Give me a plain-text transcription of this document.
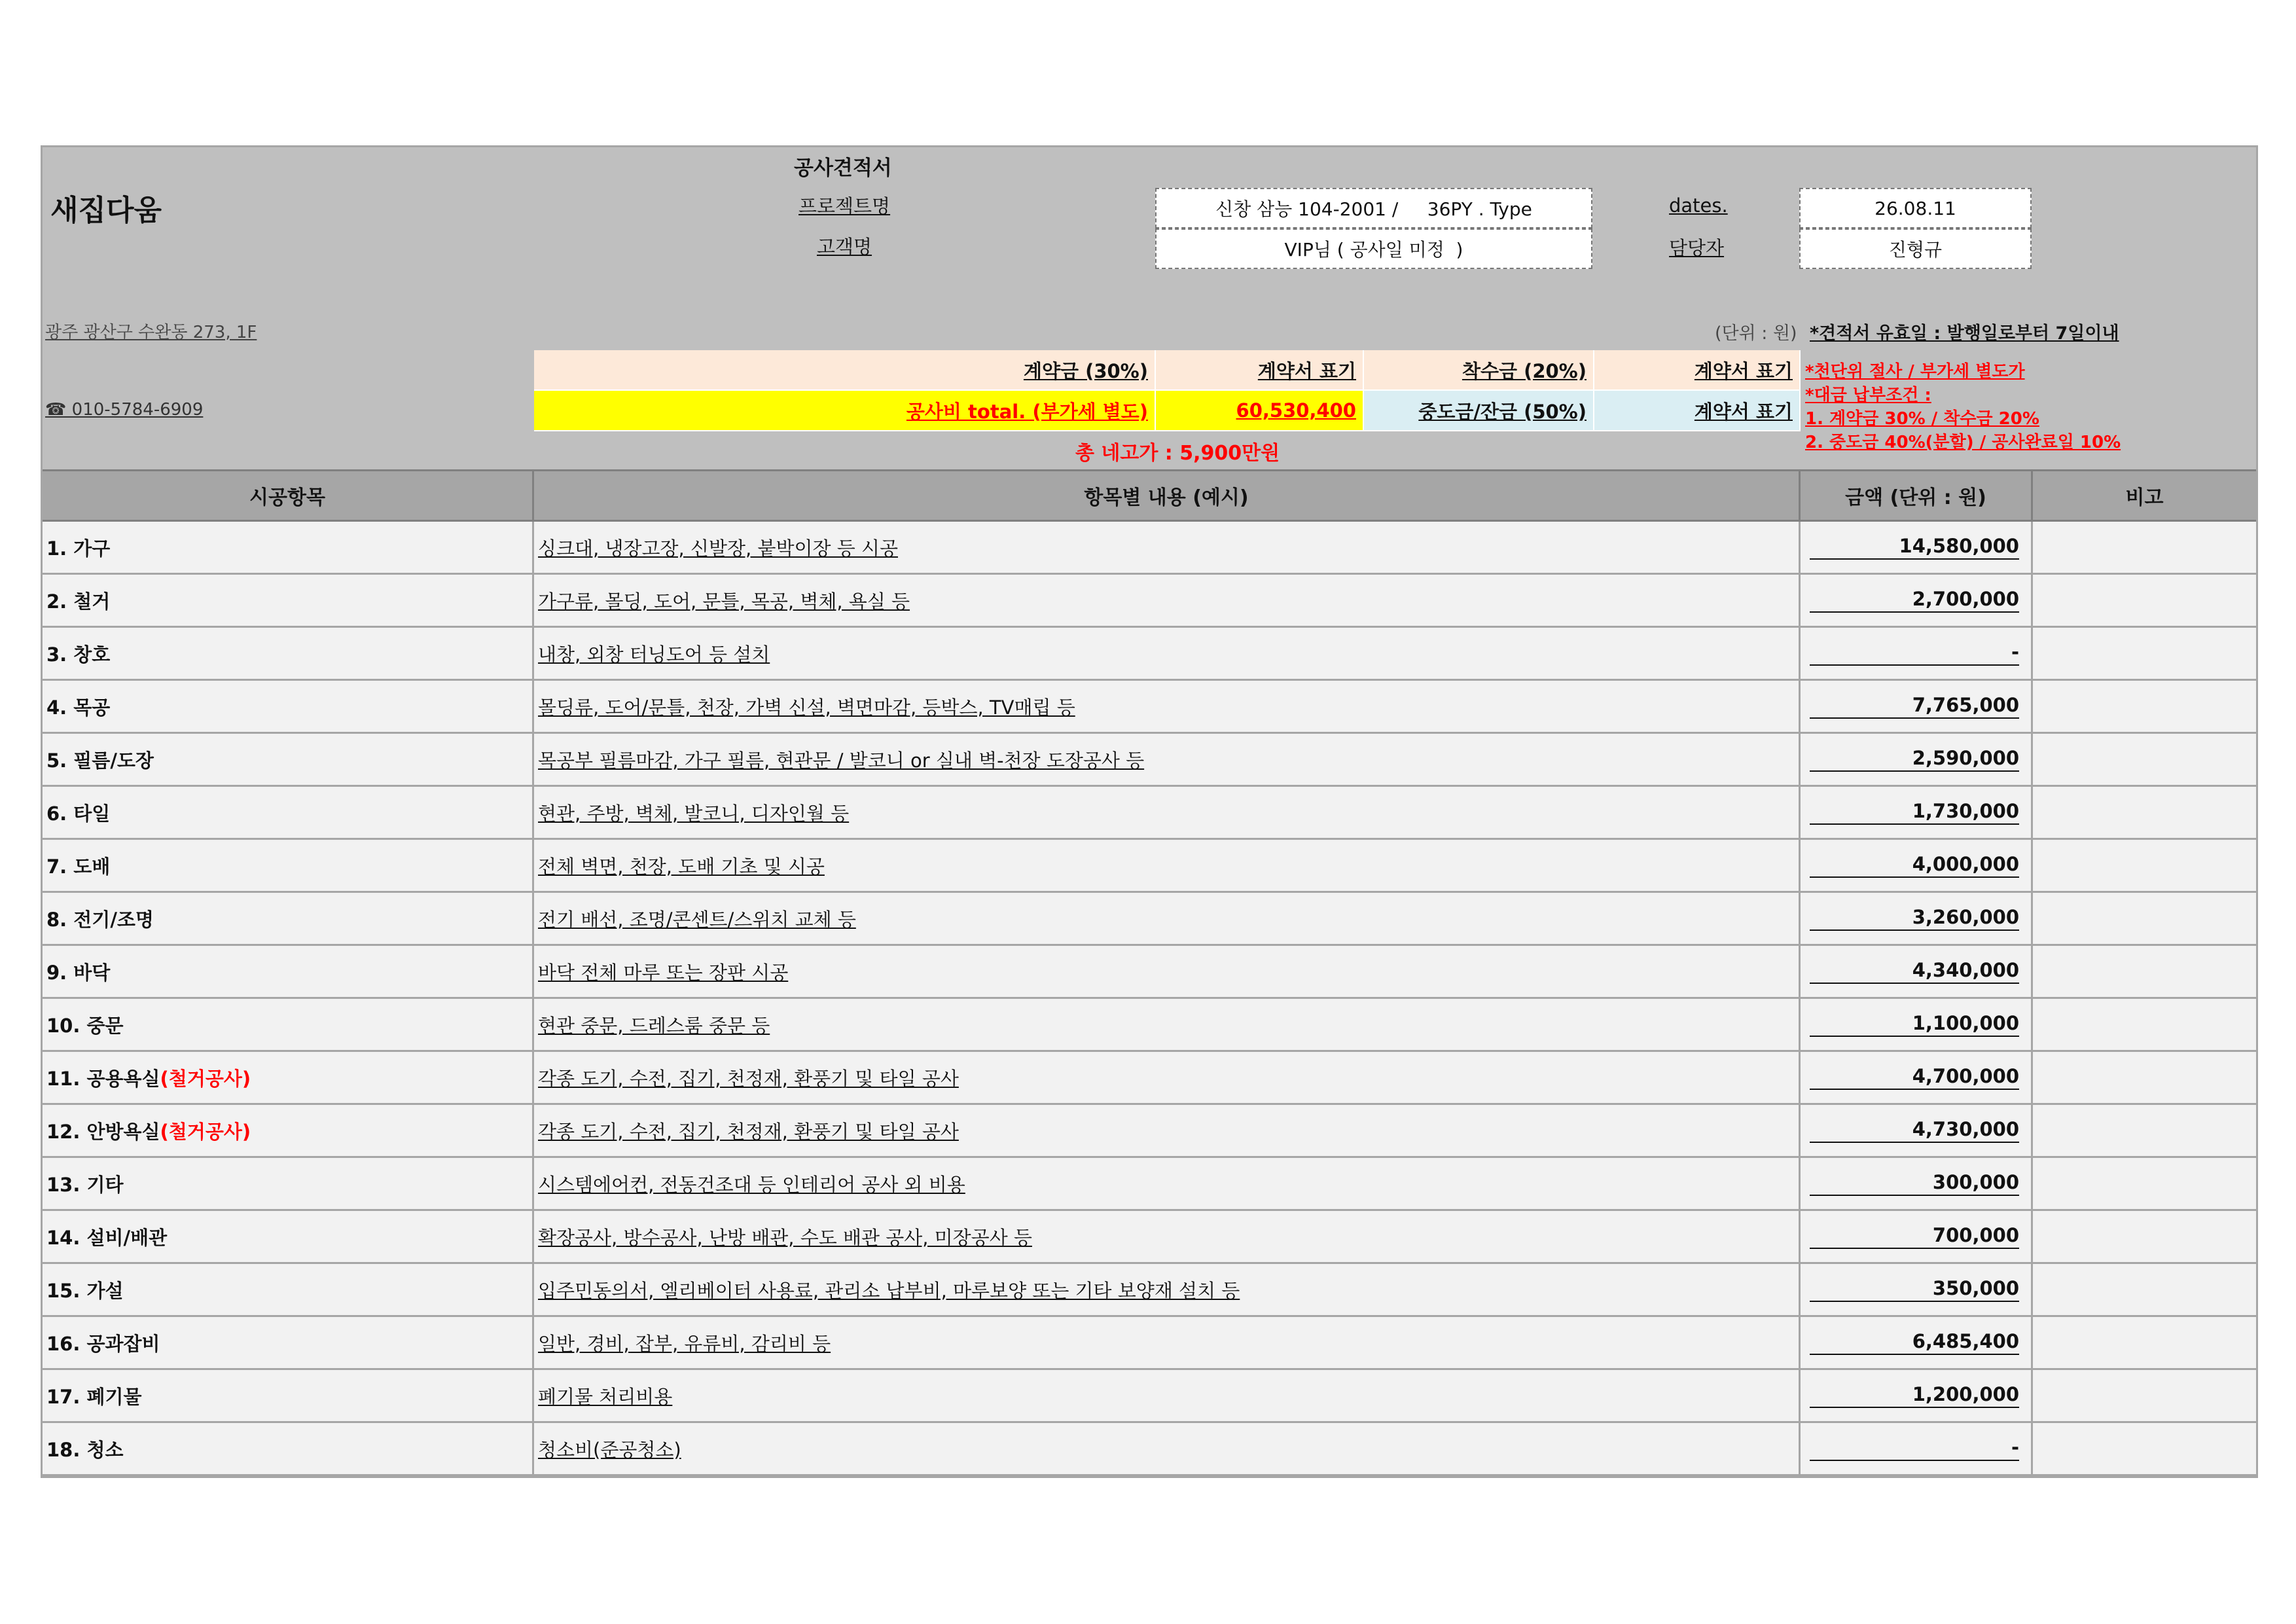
새집다움
공사견적서
프로젝트명
고객명
신창 삼능 104-2001 /     36PY . Type
VIP님 ( 공사일 미정  )
dates.
담당자
26.08.11
진형규
광주 광산구 수완동 273, 1F	(단위 : 원) *견적서 유효일 : 발행일로부터 7일이내
계약금 (30%)	계약서 표기	착수금 (20%)	계약서 표기
공사비 total. (부가세 별도)	60,530,400	중도금/잔금 (50%)	계약서 표기
☎ 010-5784-6909
*천단위 절사 / 부가세 별도가
*대금 납부조건 :
1. 계약금 30% / 착수금 20%
2. 중도금 40%(분할) / 공사완료일 10%
총 네고가 : 5,900만원
시공항목	항목별 내용 (예시)	금액 (단위 : 원)	비고
1. 가구	싱크대, 냉장고장, 신발장, 붙박이장 등 시공	14,580,000
2. 철거	가구류, 몰딩, 도어, 문틀, 목공, 벽체, 욕실 등	2,700,000
3. 창호	내창, 외창 터닝도어 등 설치	-
4. 목공	몰딩류, 도어/문틀, 천장, 가벽 신설, 벽면마감, 등박스, TV매립 등	7,765,000
5. 필름/도장	목공부 필름마감, 가구 필름, 현관문 / 발코니 or 실내 벽-천장 도장공사 등	2,590,000
6. 타일	현관, 주방, 벽체, 발코니, 디자인월 등	1,730,000
7. 도배	전체 벽면, 천장, 도배 기초 및 시공	4,000,000
8. 전기/조명	전기 배선, 조명/콘센트/스위치 교체 등	3,260,000
9. 바닥	바닥 전체 마루 또는 장판 시공	4,340,000
10. 중문	현관 중문, 드레스룸 중문 등	1,100,000
11. 공용욕실 (철거공사)	각종 도기, 수전, 집기, 천정재, 환풍기 및 타일 공사	4,700,000
12. 안방욕실 (철거공사)	각종 도기, 수전, 집기, 천정재, 환풍기 및 타일 공사	4,730,000
13. 기타	시스템에어컨, 전동건조대 등 인테리어 공사 외 비용	300,000
14. 설비/배관	확장공사, 방수공사, 난방 배관, 수도 배관 공사, 미장공사 등	700,000
15. 가설	입주민동의서, 엘리베이터 사용료, 관리소 납부비, 마루보양 또는 기타 보양재 설치 등	350,000
16. 공과잡비	일반, 경비, 잡부, 유류비, 감리비 등	6,485,400
17. 폐기물	폐기물 처리비용	1,200,000
18. 청소	청소비(준공청소)	-
